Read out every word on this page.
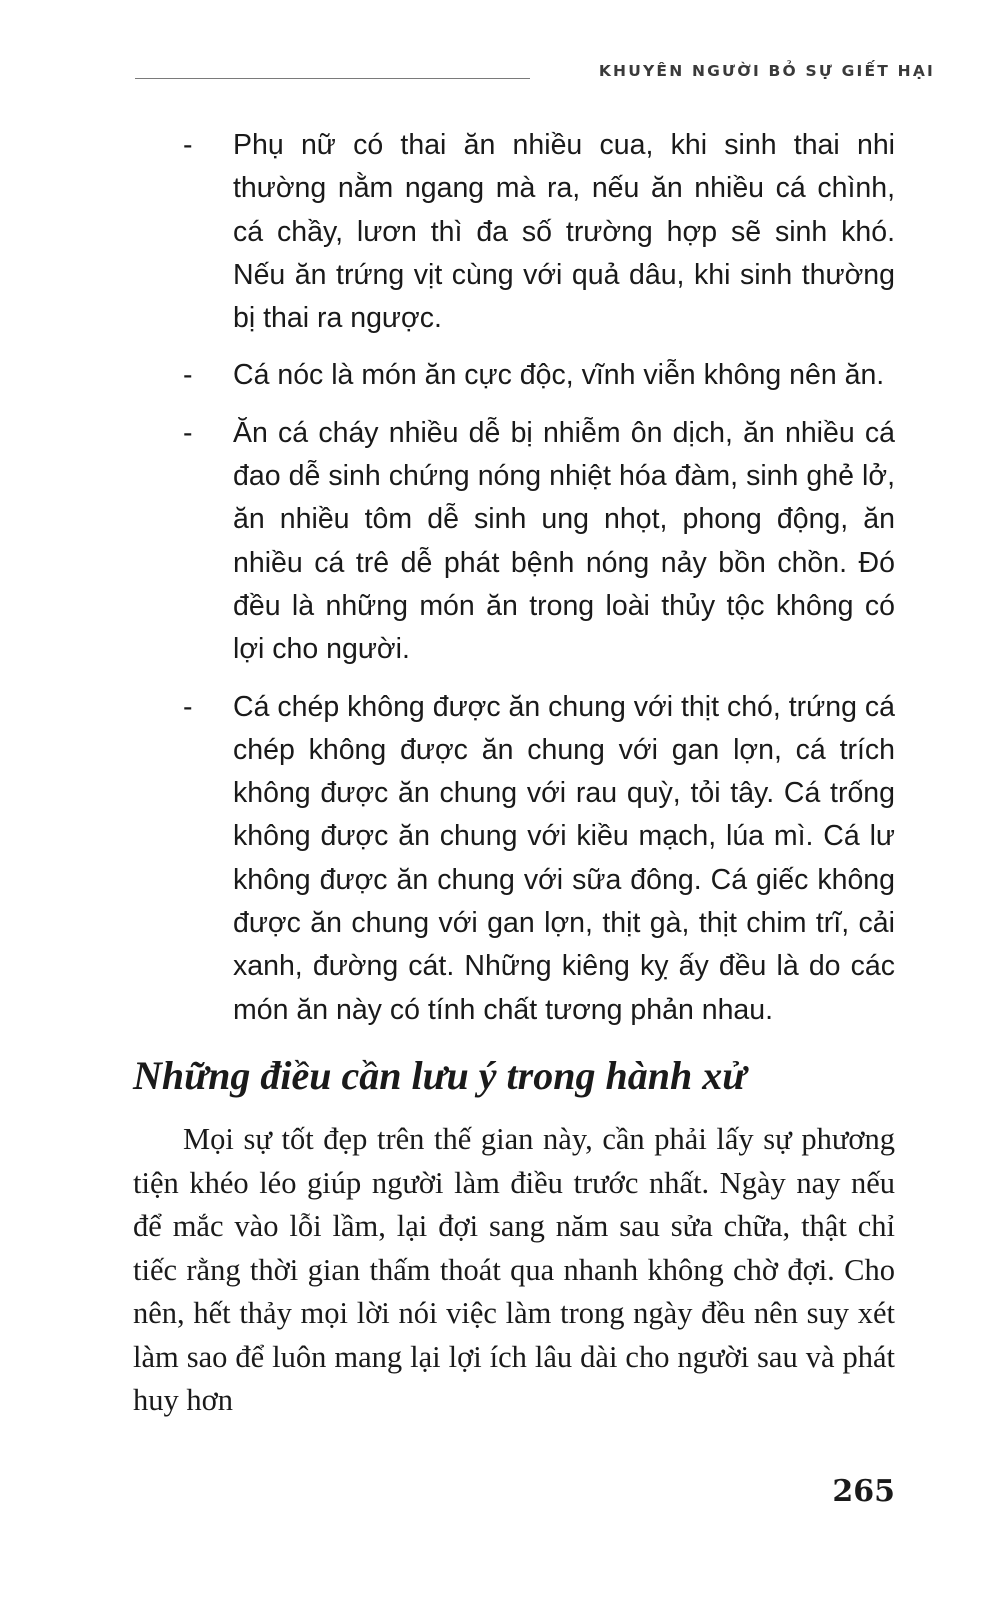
KHUYÊN NGƯỜI BỎ SỰ GIẾT HẠI
- Phụ nữ có thai ăn nhiều cua, khi sinh thai nhi thường nằm ngang mà ra, nếu ăn nhiều cá chình, cá chầy, lươn thì đa số trường hợp sẽ sinh khó. Nếu ăn trứng vịt cùng với quả dâu, khi sinh thường bị thai ra ngược.
- Cá nóc là món ăn cực độc, vĩnh viễn không nên ăn.
- Ăn cá cháy nhiều dễ bị nhiễm ôn dịch, ăn nhiều cá đao dễ sinh chứng nóng nhiệt hóa đàm, sinh ghẻ lở, ăn nhiều tôm dễ sinh ung nhọt, phong động, ăn nhiều cá trê dễ phát bệnh nóng nảy bồn chồn. Đó đều là những món ăn trong loài thủy tộc không có lợi cho người.
- Cá chép không được ăn chung với thịt chó, trứng cá chép không được ăn chung với gan lợn, cá trích không được ăn chung với rau quỳ, tỏi tây. Cá trống không được ăn chung với kiều mạch, lúa mì. Cá lư không được ăn chung với sữa đông. Cá giếc không được ăn chung với gan lợn, thịt gà, thịt chim trĩ, cải xanh, đường cát. Những kiêng kỵ ấy đều là do các món ăn này có tính chất tương phản nhau.
Những điều cần lưu ý trong hành xử

Mọi sự tốt đẹp trên thế gian này, cần phải lấy sự phương tiện khéo léo giúp người làm điều trước nhất. Ngày nay nếu để mắc vào lỗi lầm, lại đợi sang năm sau sửa chữa, thật chỉ tiếc rằng thời gian thấm thoát qua nhanh không chờ đợi. Cho nên, hết thảy mọi lời nói việc làm trong ngày đều nên suy xét làm sao để luôn mang lại lợi ích lâu dài cho người sau và phát huy hơn

265
